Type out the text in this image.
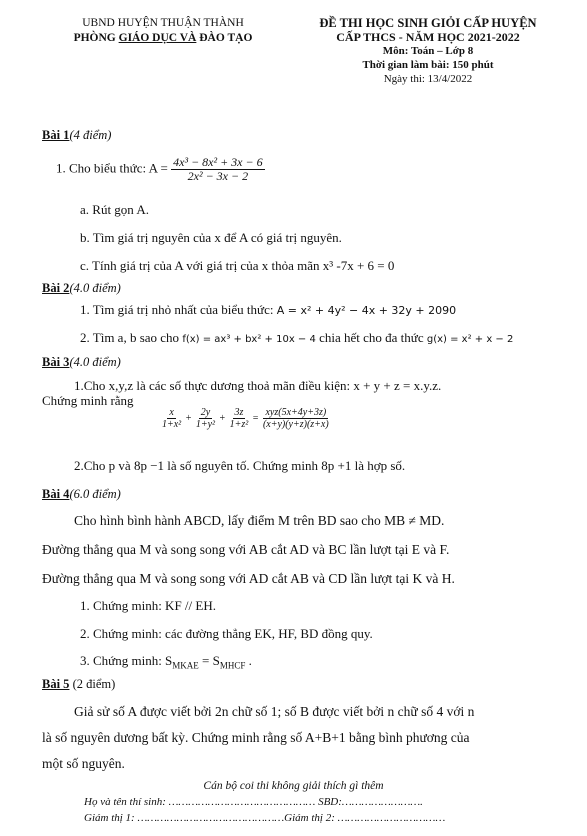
UBND HUYỆN THUẬN THÀNH
PHÒNG GIÁO DỤC VÀ ĐÀO TẠO
ĐỀ THI HỌC SINH GIỎI CẤP HUYỆN
CẤP THCS - NĂM HỌC 2021-2022
Môn: Toán – Lớp 8
Thời gian làm bài: 150 phút
Ngày thi: 13/4/2022
Bài 1(4 điểm)
1. Cho biểu thức: $A = \frac{\text{4x³ − 8x² + 3x − 6}}{\text{2x² − 3x − 2}}$
a. Rút gọn A.
b. Tìm giá trị nguyên của x để A có giá trị nguyên.
c. Tính giá trị của A với giá trị của x thỏa mãn x³ -7x + 6 = 0
Bài 2(4.0 điểm)
1. Tìm giá trị nhỏ nhất của biểu thức: A = x² + 4y² − 4x + 32y + 2090
2. Tìm a, b sao cho f(x) = ax³ + bx² + 10x − 4 chia hết cho đa thức g(x) = x² + x − 2
Bài 3(4.0 điểm)
1.Cho x,y,z là các số thực dương thoả mãn điều kiện: x + y + z = x.y.z.
Chứng minh rằng
$\frac{x}{\text{1+x²}} + \frac{2y}{\text{1+y²}} + \frac{3z}{\text{1+z²}} = \frac{\text{xyz(5x+4y+3z)}}{(x+y)(y+z)(z+x)}$
2.Cho p và 8p −1 là số nguyên tố. Chứng minh 8p +1 là hợp số.
Bài 4(6.0 điểm)
Cho hình bình hành ABCD, lấy điểm M trên BD sao cho MB ≠ MD.
Đường thẳng qua M và song song với AB cắt AD và BC lần lượt tại E và F.
Đường thẳng qua M và song song với AD cắt AB và CD lần lượt tại K và H.
1. Chứng minh: KF // EH.
2. Chứng minh: các đường thẳng EK, HF, BD đồng quy.
3. Chứng minh: $S_{MKAE} = S_{MHCF}$ .
Bài 5 (2 điểm)
Giả sử số A được viết bởi 2n chữ số 1; số B được viết bởi n chữ số 4 với n
là số nguyên dương bất kỳ. Chứng minh rằng số A+B+1 bằng bình phương của
một số nguyên.
Cán bộ coi thi không giải thích gì thêm
Họ và tên thí sinh: ……………………………………… SBD:…………………….
Giám thị 1: ………………………………………Giám thị 2: ……………………………
